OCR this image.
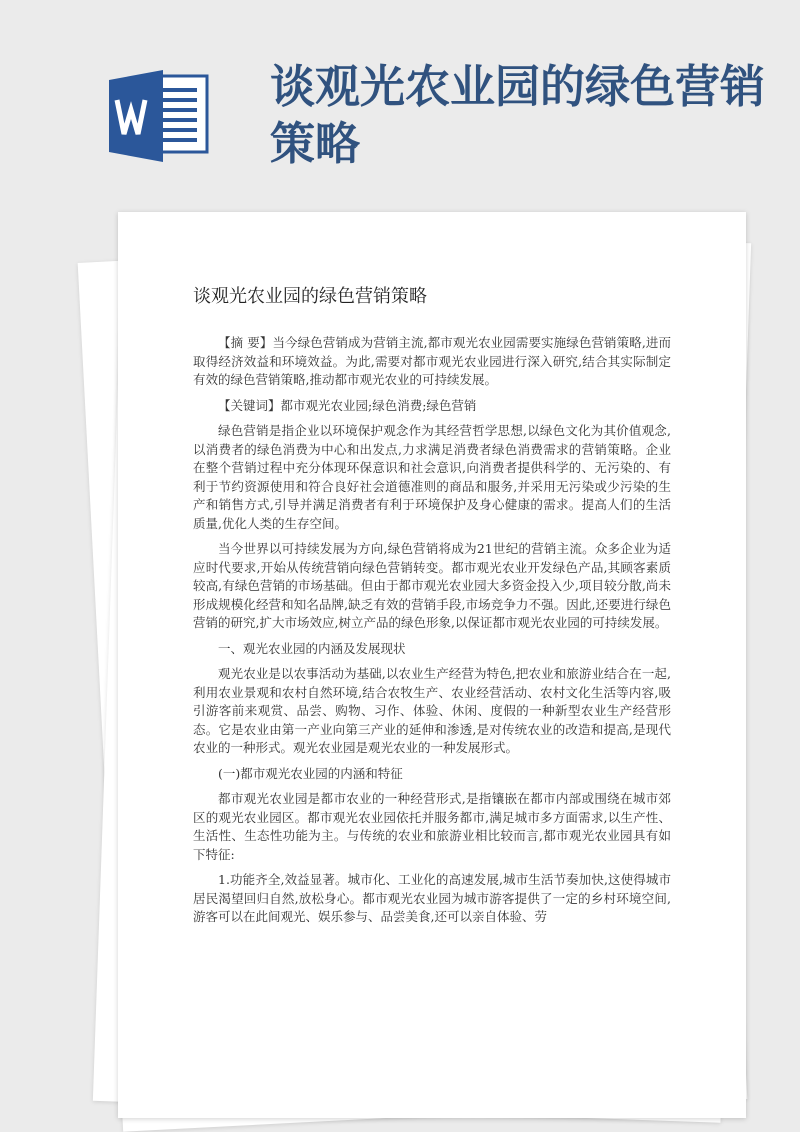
谈观光农业园的绿色营销策略
谈观光农业园的绿色营销策略

【摘 要】当今绿色营销成为营销主流,都市观光农业园需要实施绿色营销策略,进而取得经济效益和环境效益。为此,需要对都市观光农业园进行深入研究,结合其实际制定有效的绿色营销策略,推动都市观光农业的可持续发展。

【关键词】都市观光农业园;绿色消费;绿色营销

绿色营销是指企业以环境保护观念作为其经营哲学思想,以绿色文化为其价值观念,以消费者的绿色消费为中心和出发点,力求满足消费者绿色消费需求的营销策略。企业在整个营销过程中充分体现环保意识和社会意识,向消费者提供科学的、无污染的、有利于节约资源使用和符合良好社会道德准则的商品和服务,并采用无污染或少污染的生产和销售方式,引导并满足消费者有利于环境保护及身心健康的需求。提高人们的生活质量,优化人类的生存空间。

当今世界以可持续发展为方向,绿色营销将成为21世纪的营销主流。众多企业为适应时代要求,开始从传统营销向绿色营销转变。都市观光农业开发绿色产品,其顾客素质较高,有绿色营销的市场基础。但由于都市观光农业园大多资金投入少,项目较分散,尚未形成规模化经营和知名品牌,缺乏有效的营销手段,市场竞争力不强。因此,还要进行绿色营销的研究,扩大市场效应,树立产品的绿色形象,以保证都市观光农业园的可持续发展。

一、观光农业园的内涵及发展现状

观光农业是以农事活动为基础,以农业生产经营为特色,把农业和旅游业结合在一起,利用农业景观和农村自然环境,结合农牧生产、农业经营活动、农村文化生活等内容,吸引游客前来观赏、品尝、购物、习作、体验、休闲、度假的一种新型农业生产经营形态。它是农业由第一产业向第三产业的延伸和渗透,是对传统农业的改造和提高,是现代农业的一种形式。观光农业园是观光农业的一种发展形式。

(一)都市观光农业园的内涵和特征

都市观光农业园是都市农业的一种经营形式,是指镶嵌在都市内部或围绕在城市郊区的观光农业园区。都市观光农业园依托并服务都市,满足城市多方面需求,以生产性、生活性、生态性功能为主。与传统的农业和旅游业相比较而言,都市观光农业园具有如下特征:

1.功能齐全,效益显著。城市化、工业化的高速发展,城市生活节奏加快,这使得城市居民渴望回归自然,放松身心。都市观光农业园为城市游客提供了一定的乡村环境空间,游客可以在此间观光、娱乐参与、品尝美食,还可以亲自体验、劳
